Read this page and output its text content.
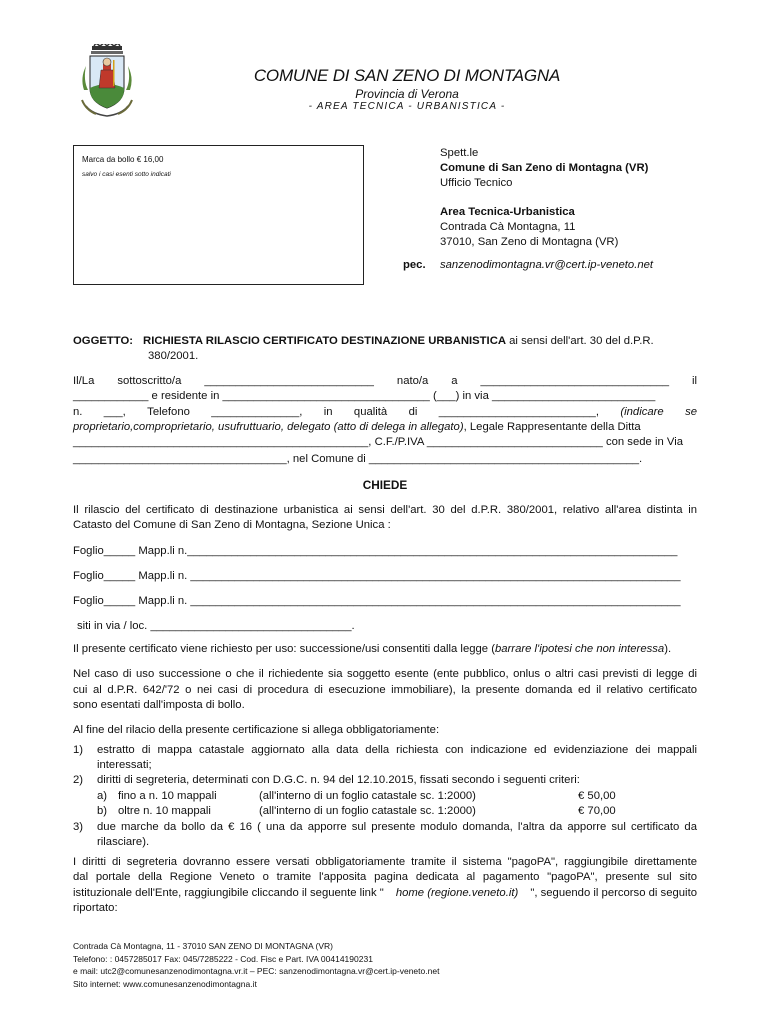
COMUNE DI SAN ZENO DI MONTAGNA
Provincia di Verona
- AREA TECNICA - URBANISTICA -
Marca da bollo € 16,00
salvo i casi esenti sotto indicati
Spett.le
Comune di San Zeno di Montagna (VR)
Ufficio Tecnico
Area Tecnica-Urbanistica
Contrada Cà Montagna, 11
37010, San Zeno di Montagna (VR)
pec. sanzenodimontagna.vr@cert.ip-veneto.net
OGGETTO: RICHIESTA RILASCIO CERTIFICATO DESTINAZIONE URBANISTICA ai sensi dell'art. 30 del d.P.R.
380/2001.
Il/La sottoscritto/a ___________________________ nato/a a ______________________________ il
____________ e residente in _________________________________ (___) in via __________________________
n. ___, Telefono ______________, in qualità di _________________________, (indicare se
proprietario,comproprietario, usufruttuario, delegato (atto di delega in allegato), Legale Rappresentante della Ditta
_______________________________________________, C.F./P.IVA ____________________________ con sede in Via
__________________________________, nel Comune di ___________________________________________.
CHIEDE
Il rilascio del certificato di destinazione urbanistica ai sensi dell'art. 30 del d.P.R. 380/2001, relativo all'area distinta in
Catasto del Comune di San Zeno di Montagna, Sezione Unica :
Foglio_____ Mapp.li n.______________________________________________________________________________
Foglio_____ Mapp.li n. ______________________________________________________________________________
Foglio_____ Mapp.li n. ______________________________________________________________________________
siti in via / loc. ________________________________.
Il presente certificato viene richiesto per uso: successione/usi consentiti dalla legge (barrare l'ipotesi che non interessa).
Nel caso di uso successione o che il richiedente sia soggetto esente (ente pubblico, onlus o altri casi previsti di legge di
cui al d.P.R. 642/'72 o nei casi di procedura di esecuzione immobiliare), la presente domanda ed il relativo certificato
sono esentati dall'imposta di bollo.
Al fine del rilacio della presente certificazione si allega obbligatoriamente:
1) estratto di mappa catastale aggiornato alla data della richiesta con indicazione ed evidenziazione dei mappali
interessati;
2) diritti di segreteria, determinati con D.G.C. n. 94 del 12.10.2015, fissati secondo i seguenti criteri:
a) fino a n. 10 mappali	(all'interno di un foglio catastale sc. 1:2000)	€ 50,00
b) oltre n. 10 mappali	(all'interno di un foglio catastale sc. 1:2000)	€ 70,00
3) due marche da bollo da € 16 ( una da apporre sul presente modulo domanda, l'altra da apporre sul certificato da
rilasciare).
I diritti di segreteria dovranno essere versati obbligatoriamente tramite il sistema "pagoPA", raggiungibile direttamente
dal portale della Regione Veneto o tramite l'apposita pagina dedicata al pagamento "pagoPA", presente sul sito
istituzionale dell'Ente, raggiungibile cliccando il seguente link " home (regione.veneto.it) ", seguendo il percorso di seguito
riportato:
Contrada Cà Montagna, 11 - 37010 SAN ZENO DI MONTAGNA (VR)
Telefono: : 0457285017 Fax: 045/7285222 - Cod. Fisc e Part. IVA 00414190231
e mail: utc2@comunesanzenodimontagna.vr.it – PEC: sanzenodimontagna.vr@cert.ip-veneto.net
Sito internet: www.comunesanzenodimontagna.it
